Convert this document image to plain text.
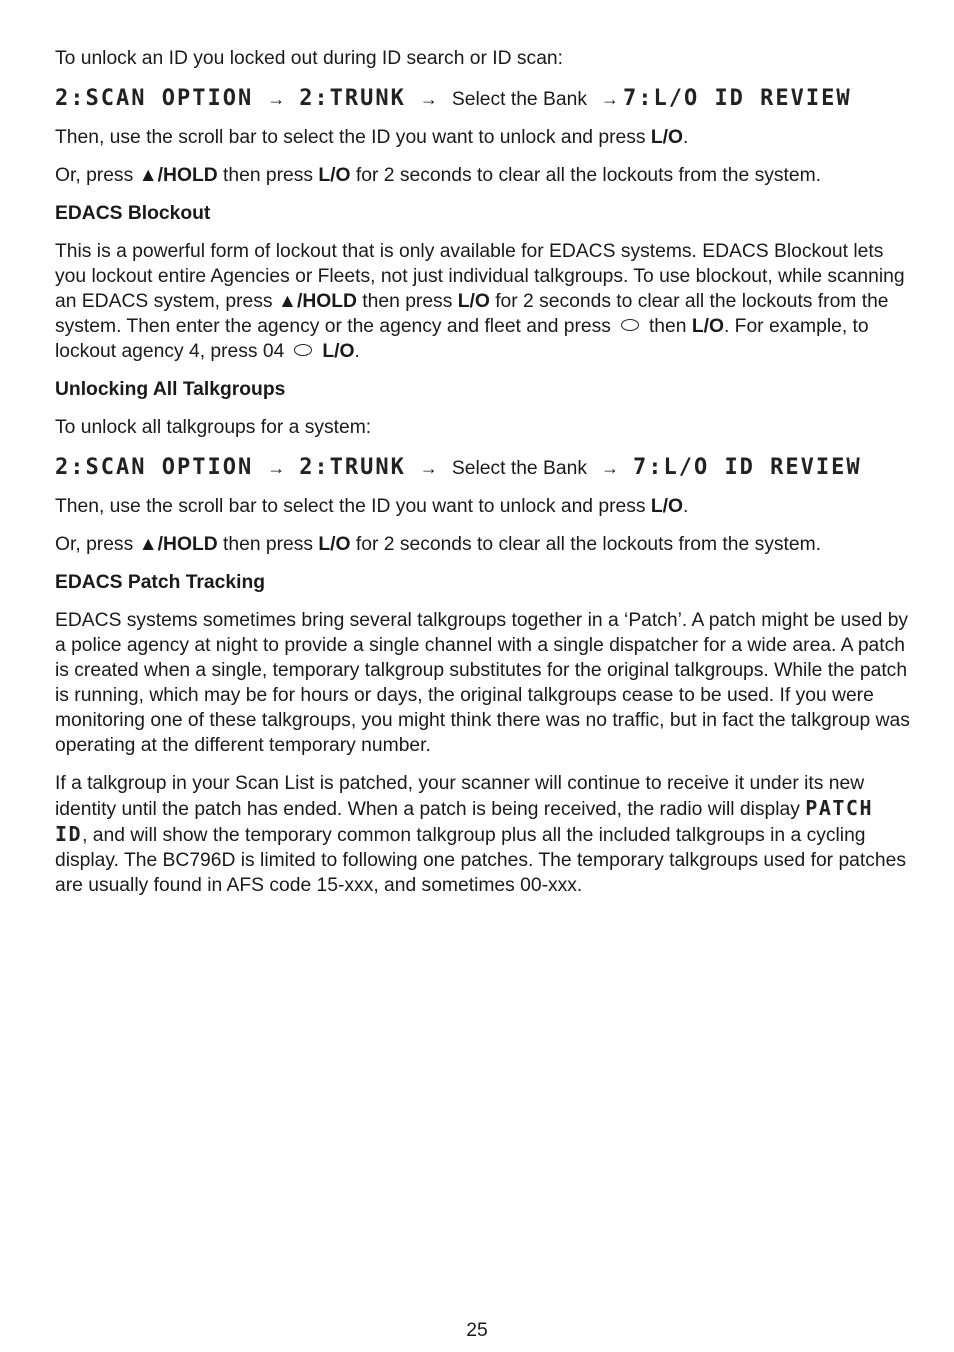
To unlock an ID you locked out during ID search or ID scan:

2:SCAN OPTION → 2:TRUNK → Select the Bank → 7:L/O ID REVIEW

Then, use the scroll bar to select the ID you want to unlock and press L/O.

Or, press ▲/HOLD then press L/O for 2 seconds to clear all the lockouts from the system.

EDACS Blockout

This is a powerful form of lockout that is only available for EDACS systems. EDACS Blockout lets you lockout entire Agencies or Fleets, not just individual talkgroups. To use blockout, while scanning an EDACS system, press ▲/HOLD then press L/O for 2 seconds to clear all the lockouts from the system. Then enter the agency or the agency and fleet and press then L/O. For example, to lockout agency 4, press 04 L/O.

Unlocking All Talkgroups

To unlock all talkgroups for a system:

2:SCAN OPTION → 2:TRUNK → Select the Bank → 7:L/O ID REVIEW

Then, use the scroll bar to select the ID you want to unlock and press L/O.

Or, press ▲/HOLD then press L/O for 2 seconds to clear all the lockouts from the system.

EDACS Patch Tracking

EDACS systems sometimes bring several talkgroups together in a ‘Patch’. A patch might be used by a police agency at night to provide a single channel with a single dispatcher for a wide area. A patch is created when a single, temporary talkgroup substitutes for the original talkgroups. While the patch is running, which may be for hours or days, the original talkgroups cease to be used. If you were monitoring one of these talkgroups, you might think there was no traffic, but in fact the talkgroup was operating at the different temporary number.

If a talkgroup in your Scan List is patched, your scanner will continue to receive it under its new identity until the patch has ended. When a patch is being received, the radio will display PATCH ID, and will show the temporary common talkgroup plus all the included talkgroups in a cycling display. The BC796D is limited to following one patches. The temporary talkgroups used for patches are usually found in AFS code 15-xxx, and sometimes 00-xxx.

25
